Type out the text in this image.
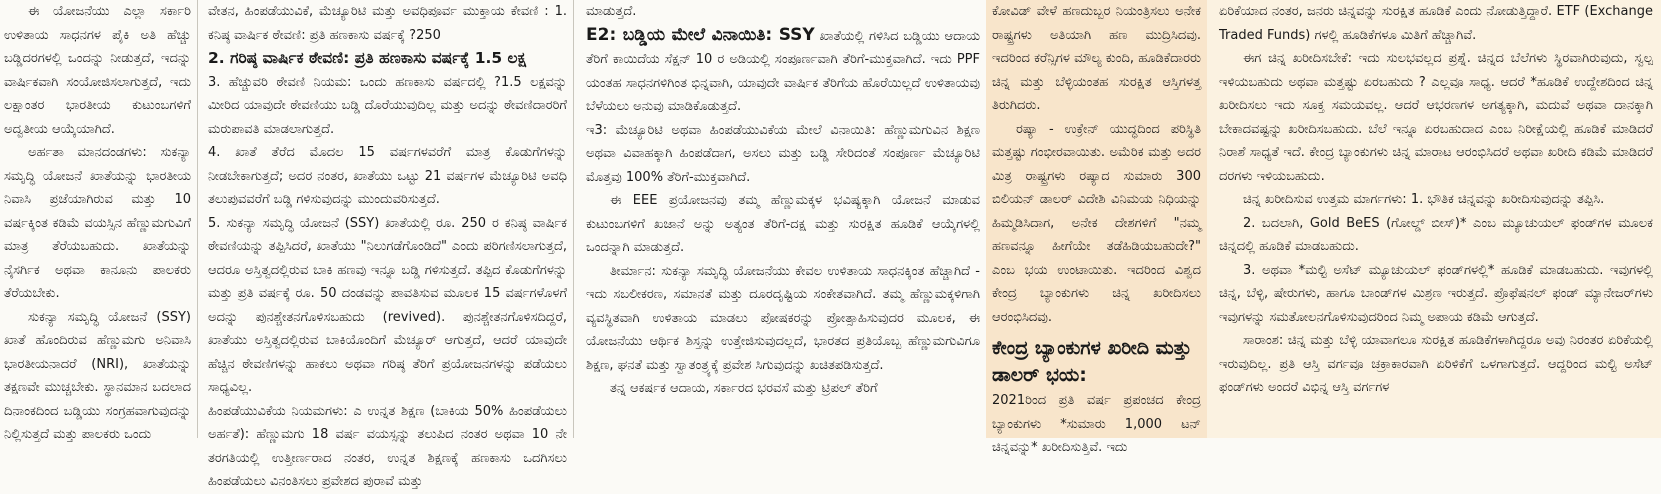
ಈ ಯೋಜನೆಯು ಎಲ್ಲಾ ಸರ್ಕಾರಿ ಉಳಿತಾಯ ಸಾಧನಗಳ ಪೈಕಿ ಅತಿ ಹೆಚ್ಚು ಬಡ್ಡಿದರಗಳಲ್ಲಿ ಒಂದನ್ನು ನೀಡುತ್ತದೆ, ಇದನ್ನು ವಾರ್ಷಿಕವಾಗಿ ಸಂಯೋಜಿಸಲಾಗುತ್ತದೆ, ಇದು ಲಕ್ಷಾಂತರ ಭಾರತೀಯ ಕುಟುಂಬಗಳಿಗೆ ಅದ್ವತೀಯ ಆಯ್ಕೆಯಾಗಿದೆ.

ಅರ್ಹತಾ ಮಾನದಂಡಗಳು: ಸುಕನ್ಯಾ ಸಮೃದ್ಧಿ ಯೋಜನೆ ಖಾತೆಯನ್ನು ಭಾರತೀಯ ನಿವಾಸಿ ಪ್ರಜೆಯಾಗಿರುವ ಮತ್ತು 10 ವರ್ಷಕ್ಕಿಂತ ಕಡಿಮೆ ವಯಸ್ಸಿನ ಹೆಣ್ಣುಮಗುವಿಗೆ ಮಾತ್ರ ತೆರೆಯಬಹುದು. ಖಾತೆಯನ್ನು ನೈಸರ್ಗಿಕ ಅಥವಾ ಕಾನೂನು ಪಾಲಕರು ತೆರೆಯಬೇಕು.

ಸುಕನ್ಯಾ ಸಮೃದ್ಧಿ ಯೋಜನೆ (SSY) ಖಾತೆ ಹೊಂದಿರುವ ಹೆಣ್ಣುಮಗು ಅನಿವಾಸಿ ಭಾರತೀಯನಾದರೆ (NRI), ಖಾತೆಯನ್ನು ತಕ್ಷಣವೇ ಮುಚ್ಚಬೇಕು. ಸ್ಥಾನಮಾನ ಬದಲಾದ ದಿನಾಂಕದಿಂದ ಬಡ್ಡಿಯು ಸಂಗ್ರಹವಾಗುವುದನ್ನು ನಿಲ್ಲಿಸುತ್ತದೆ ಮತ್ತು ಪಾಲಕರು ಒಂದು

ವೇತನ, ಹಿಂಪಡೆಯುವಿಕೆ, ಮೆಚ್ಯೂರಿಟಿ ಮತ್ತು ಅವಧಿಪೂರ್ವ ಮುಕ್ತಾಯ ಕೇವಣಿ : 1. ಕನಿಷ್ಠ ವಾರ್ಷಿಕ ಠೇವಣಿ: ಪ್ರತಿ ಹಣಕಾಸು ವರ್ಷಕ್ಕೆ ?250

2. ಗರಿಷ್ಠ ವಾರ್ಷಿಕ ಠೇವಣಿ: ಪ್ರತಿ ಹಣಕಾಸು ವರ್ಷಕ್ಕೆ 1.5 ಲಕ್ಷ

3. ಹೆಚ್ಚುವರಿ ಠೇವಣಿ ನಿಯಮ: ಒಂದು ಹಣಕಾಸು ವರ್ಷದಲ್ಲಿ ?1.5 ಲಕ್ಷವನ್ನು ಮೀರಿದ ಯಾವುದೇ ಠೇವಣಿಯು ಬಡ್ಡಿ ದೊರೆಯುವುದಿಲ್ಲ ಮತ್ತು ಅದನ್ನು ಠೇವಣಿದಾರರಿಗೆ ಮರುಪಾವತಿ ಮಾಡಲಾಗುತ್ತದೆ.

4. ಖಾತೆ ತೆರೆದ ಮೊದಲ 15 ವರ್ಷಗಳವರೆಗೆ ಮಾತ್ರ ಕೊಡುಗೆಗಳನ್ನು ನೀಡಬೇಕಾಗುತ್ತದೆ; ಅದರ ನಂತರ, ಖಾತೆಯು ಒಟ್ಟು 21 ವರ್ಷಗಳ ಮೆಚ್ಯೂರಿಟಿ ಅವಧಿ ತಲುಪುವವರೆಗೆ ಬಡ್ಡಿ ಗಳಿಸುವುದನ್ನು ಮುಂದುವರಿಸುತ್ತದೆ.

5. ಸುಕನ್ಯಾ ಸಮೃದ್ಧಿ ಯೋಜನೆ (SSY) ಖಾತೆಯಲ್ಲಿ ರೂ. 250 ರ ಕನಿಷ್ಠ ವಾರ್ಷಿಕ ಠೇವಣಿಯನ್ನು ತಪ್ಪಿಸಿದರೆ, ಖಾತೆಯು "ನಿಲುಗಡೆಗೊಂಡಿದೆ" ಎಂದು ಪರಿಗಣಿಸಲಾಗುತ್ತದೆ, ಆದರೂ ಅಸ್ತಿತ್ವದಲ್ಲಿರುವ ಬಾಕಿ ಹಣವು ಇನ್ನೂ ಬಡ್ಡಿ ಗಳಿಸುತ್ತದೆ. ತಪ್ಪಿದ ಕೊಡುಗೆಗಳನ್ನು ಮತ್ತು ಪ್ರತಿ ವರ್ಷಕ್ಕೆ ರೂ. 50 ದಂಡವನ್ನು ಪಾವತಿಸುವ ಮೂಲಕ 15 ವರ್ಷಗಳೊಳಗೆ ಅದನ್ನು ಪುನಶ್ಚೇತನಗೊಳಿಸಬಹುದು (revived). ಪುನಶ್ಚೇತನಗೊಳಿಸದಿದ್ದರೆ, ಖಾತೆಯು ಅಸ್ತಿತ್ವದಲ್ಲಿರುವ ಬಾಕಿಯೊಂದಿಗೆ ಮೆಚ್ಯೂರ್ ಆಗುತ್ತದೆ, ಆದರೆ ಯಾವುದೇ ಹೆಚ್ಚಿನ ಠೇವಣಿಗಳನ್ನು ಹಾಕಲು ಅಥವಾ ಗರಿಷ್ಠ ತೆರಿಗೆ ಪ್ರಯೋಜನಗಳನ್ನು ಪಡೆಯಲು ಸಾಧ್ಯವಿಲ್ಲ.

ಹಿಂಪಡೆಯುವಿಕೆಯ ನಿಯಮಗಳು: ಎ ಉನ್ನತ ಶಿಕ್ಷಣ (ಬಾಕಿಯ 50% ಹಿಂಪಡೆಯಲು ಅರ್ಹತೆ): ಹೆಣ್ಣುಮಗು 18 ವರ್ಷ ವಯಸ್ಸನ್ನು ತಲುಪಿದ ನಂತರ ಅಥವಾ 10 ನೇ ತರಗತಿಯಲ್ಲಿ ಉತ್ತೀರ್ಣರಾದ ನಂತರ, ಉನ್ನತ ಶಿಕ್ಷಣಕ್ಕೆ ಹಣಕಾಸು ಒದಗಿಸಲು ಹಿಂಪಡೆಯಲು ವಿನಂತಿಸಲು ಪ್ರವೇಶದ ಪುರಾವೆ ಮತ್ತು

ಮಾಡುತ್ತದೆ.

E2: ಬಡ್ಡಿಯ ಮೇಲೆ ವಿನಾಯಿತಿ: SSY ಖಾತೆಯಲ್ಲಿ ಗಳಿಸಿದ ಬಡ್ಡಿಯು ಆದಾಯ ತೆರಿಗೆ ಕಾಯಿದೆಯ ಸೆಕ್ಷನ್ 10 ರ ಅಡಿಯಲ್ಲಿ ಸಂಪೂರ್ಣವಾಗಿ ತೆರಿಗೆ-ಮುಕ್ತವಾಗಿದೆ. ಇದು PPF ಯಂತಹ ಸಾಧನಗಳಿಗಿಂತ ಭಿನ್ನವಾಗಿ, ಯಾವುದೇ ವಾರ್ಷಿಕ ತೆರಿಗೆಯ ಹೊರೆಯಿಲ್ಲದೆ ಉಳಿತಾಯವು ಬೆಳೆಯಲು ಅನುವು ಮಾಡಿಕೊಡುತ್ತದೆ.

ಇ3: ಮೆಚ್ಯೂರಿಟಿ ಅಥವಾ ಹಿಂಪಡೆಯುವಿಕೆಯ ಮೇಲೆ ವಿನಾಯಿತಿ: ಹೆಣ್ಣುಮಗುವಿನ ಶಿಕ್ಷಣ ಅಥವಾ ವಿವಾಹಕ್ಕಾಗಿ ಹಿಂಪಡೆದಾಗ, ಅಸಲು ಮತ್ತು ಬಡ್ಡಿ ಸೇರಿದಂತೆ ಸಂಪೂರ್ಣ ಮೆಚ್ಯೂರಿಟಿ ಮೊತ್ತವು 100% ತೆರಿಗೆ-ಮುಕ್ತವಾಗಿದೆ.

ಈ EEE ಪ್ರಯೋಜನವು ತಮ್ಮ ಹೆಣ್ಣುಮಕ್ಕಳ ಭವಿಷ್ಯಕ್ಕಾಗಿ ಯೋಜನೆ ಮಾಡುವ ಕುಟುಂಬಗಳಿಗೆ ಖಜಾನೆ ಅನ್ನು ಅತ್ಯಂತ ತೆರಿಗೆ-ದಕ್ಷ ಮತ್ತು ಸುರಕ್ಷಿತ ಹೂಡಿಕೆ ಆಯ್ಕೆಗಳಲ್ಲಿ ಒಂದನ್ನಾಗಿ ಮಾಡುತ್ತದೆ.

ತೀರ್ಮಾನ: ಸುಕನ್ಯಾ ಸಮೃದ್ಧಿ ಯೋಜನೆಯು ಕೇವಲ ಉಳಿತಾಯ ಸಾಧನಕ್ಕಿಂತ ಹೆಚ್ಚಾಗಿದೆ - ಇದು ಸಬಲೀಕರಣ, ಸಮಾನತೆ ಮತ್ತು ದೂರದೃಷ್ಟಿಯ ಸಂಕೇತವಾಗಿದೆ. ತಮ್ಮ ಹೆಣ್ಣುಮಕ್ಕಳಿಗಾಗಿ ವ್ಯವಸ್ಥಿತವಾಗಿ ಉಳಿತಾಯ ಮಾಡಲು ಪೋಷಕರನ್ನು ಪ್ರೋತ್ಸಾಹಿಸುವುದರ ಮೂಲಕ, ಈ ಯೋಜನೆಯು ಆರ್ಥಿಕ ಶಿಸ್ತನ್ನು ಉತ್ತೇಜಿಸುವುದಲ್ಲದೆ, ಭಾರತದ ಪ್ರತಿಯೊಬ್ಬ ಹೆಣ್ಣುಮಗುವಿಗೂ ಶಿಕ್ಷಣ, ಘನತೆ ಮತ್ತು ಸ್ವಾತಂತ್ರ್ಯಕ್ಕೆ ಪ್ರವೇಶ ಸಿಗುವುದನ್ನು ಖಚಿತಪಡಿಸುತ್ತದೆ.

ತನ್ನ ಆಕರ್ಷಕ ಆದಾಯ, ಸರ್ಕಾರದ ಭರವಸೆ ಮತ್ತು ಟ್ರಿಪಲ್ ತೆರಿಗೆ

ಕೋವಿಡ್ ವೇಳೆ ಹಣದುಬ್ಬರ ನಿಯಂತ್ರಿಸಲು ಅನೇಕ ರಾಷ್ಟ್ರಗಳು ಅತಿಯಾಗಿ ಹಣ ಮುದ್ರಿಸಿದವು. ಇದರಿಂದ ಕರೆನ್ಸಿಗಳ ಮೌಲ್ಯ ಕುಂದಿ, ಹೂಡಿಕೆದಾರರು ಚಿನ್ನ ಮತ್ತು ಬೆಳ್ಳಿಯಂತಹ ಸುರಕ್ಷಿತ ಆಸ್ತಿಗಳತ್ತ ತಿರುಗಿದರು.

ರಷ್ಯಾ - ಉಕ್ರೇನ್ ಯುದ್ಧದಿಂದ ಪರಿಸ್ಥಿತಿ ಮತ್ತಷ್ಟು ಗಂಭೀರವಾಯಿತು. ಅಮೆರಿಕ ಮತ್ತು ಅದರ ಮಿತ್ರ ರಾಷ್ಟ್ರಗಳು ರಷ್ಯಾದ ಸುಮಾರು 300 ಬಿಲಿಯನ್ ಡಾಲರ್ ವಿದೇಶಿ ವಿನಿಮಯ ನಿಧಿಯನ್ನು ಹಿಮ್ಮಡಿಸಿದಾಗ, ಅನೇಕ ದೇಶಗಳಿಗೆ "ನಮ್ಮ ಹಣವನ್ನೂ ಹೀಗೆಯೇ ತಡೆಹಿಡಿಯಬಹುದೇ?" ಎಂಬ ಭಯ ಉಂಟಾಯಿತು. ಇದರಿಂದ ವಿಶ್ವದ ಕೇಂದ್ರ ಬ್ಯಾಂಕುಗಳು ಚಿನ್ನ ಖರೀದಿಸಲು ಆರಂಭಿಸಿದವು.

ಕೇಂದ್ರ ಬ್ಯಾಂಕುಗಳ ಖರೀದಿ ಮತ್ತು ಡಾಲರ್ ಭಯ:

2021ರಿಂದ ಪ್ರತಿ ವರ್ಷ ಪ್ರಪಂಚದ ಕೇಂದ್ರ ಬ್ಯಾಂಕುಗಳು *ಸುಮಾರು 1,000 ಟನ್ ಚಿನ್ನವನ್ನು* ಖರೀದಿಸುತ್ತಿವೆ. ಇದು

ಏರಿಕೆಯಾದ ನಂತರ, ಜನರು ಚಿನ್ನವನ್ನು ಸುರಕ್ಷಿತ ಹೂಡಿಕೆ ಎಂದು ನೋಡುತ್ತಿದ್ದಾರೆ. ETF (Exchange Traded Funds) ಗಳಲ್ಲಿ ಹೂಡಿಕೆಗಳೂ ಮಿತಿಗೆ ಹೆಚ್ಚಾಗಿವೆ.

ಈಗ ಚಿನ್ನ ಖರೀದಿಸಬೇಕೆ: ಇದು ಸುಲಭವಲ್ಲದ ಪ್ರಶ್ನೆ. ಚಿನ್ನದ ಬೆಲೆಗಳು ಸ್ಥಿರವಾಗಿರುವುದು, ಸ್ವಲ್ಪ ಇಳಿಯಬಹುದು ಅಥವಾ ಮತ್ತಷ್ಟು ಏರಬಹುದು ? ಎಲ್ಲವೂ ಸಾಧ್ಯ. ಆದರೆ *ಹೂಡಿಕೆ ಉದ್ದೇಶದಿಂದ ಚಿನ್ನ ಖರೀದಿಸಲು ಇದು ಸೂಕ್ತ ಸಮಯವಲ್ಲ. ಆದರೆ ಆಭರಣಗಳ ಅಗತ್ಯಕ್ಕಾಗಿ, ಮದುವೆ ಅಥವಾ ದಾನಕ್ಕಾಗಿ ಬೇಕಾದವಷ್ಟನ್ನು ಖರೀದಿಸಬಹುದು. ಬೆಲೆ ಇನ್ನೂ ಏರಬಹುದಾದ ಎಂಬ ನಿರೀಕ್ಷೆಯಲ್ಲಿ ಹೂಡಿಕೆ ಮಾಡಿದರೆ ನಿರಾಶೆ ಸಾಧ್ಯತೆ ಇದೆ. ಕೇಂದ್ರ ಬ್ಯಾಂಕುಗಳು ಚಿನ್ನ ಮಾರಾಟ ಆರಂಭಿಸಿದರೆ ಅಥವಾ ಖರೀದಿ ಕಡಿಮೆ ಮಾಡಿದರೆ ದರಗಳು ಇಳಿಯಬಹುದು.

ಚಿನ್ನ ಖರೀದಿಸುವ ಉತ್ತಮ ಮಾರ್ಗಗಳು: 1. ಭೌತಿಕ ಚಿನ್ನವನ್ನು ಖರೀದಿಸುವುದನ್ನು ತಪ್ಪಿಸಿ.

2. ಬದಲಾಗಿ, Gold BeES (ಗೋಲ್ಡ್ ಬೀಸ್)* ಎಂಬ ಮ್ಯೂಚುಯಲ್ ಫಂಡ್‌ಗಳ ಮೂಲಕ ಚಿನ್ನದಲ್ಲಿ ಹೂಡಿಕೆ ಮಾಡಬಹುದು.

3. ಅಥವಾ *ಮಲ್ಟಿ ಅಸೆಟ್ ಮ್ಯೂಚುಯಲ್ ಫಂಡ್‌ಗಳಲ್ಲಿ* ಹೂಡಿಕೆ ಮಾಡಬಹುದು. ಇವುಗಳಲ್ಲಿ ಚಿನ್ನ, ಬೆಳ್ಳಿ, ಷೇರುಗಳು, ಹಾಗೂ ಬಾಂಡ್‌ಗಳ ಮಿಶ್ರಣ ಇರುತ್ತದೆ. ಪ್ರೊಫೆಷನಲ್ ಫಂಡ್ ಮ್ಯಾನೇಜರ್‌ಗಳು ಇವುಗಳನ್ನು ಸಮತೋಲನಗೊಳಿಸುವುದರಿಂದ ನಿಮ್ಮ ಅಪಾಯ ಕಡಿಮೆ ಆಗುತ್ತದೆ.

ಸಾರಾಂಶ: ಚಿನ್ನ ಮತ್ತು ಬೆಳ್ಳಿ ಯಾವಾಗಲೂ ಸುರಕ್ಷಿತ ಹೂಡಿಕೆಗಳಾಗಿದ್ದರೂ ಅವು ನಿರಂತರ ಏರಿಕೆಯಲ್ಲಿ ಇರುವುದಿಲ್ಲ. ಪ್ರತಿ ಆಸ್ತಿ ವರ್ಗವೂ ಚಕ್ರಾಕಾರವಾಗಿ ಏರಿಳಿಕೆಗೆ ಒಳಗಾಗುತ್ತದೆ. ಆದ್ದರಿಂದ ಮಲ್ಟಿ ಅಸೆಟ್ ಫಂಡ್‌ಗಳು ಅಂದರೆ ವಿಭಿನ್ನ ಆಸ್ತಿ ವರ್ಗಗಳ
